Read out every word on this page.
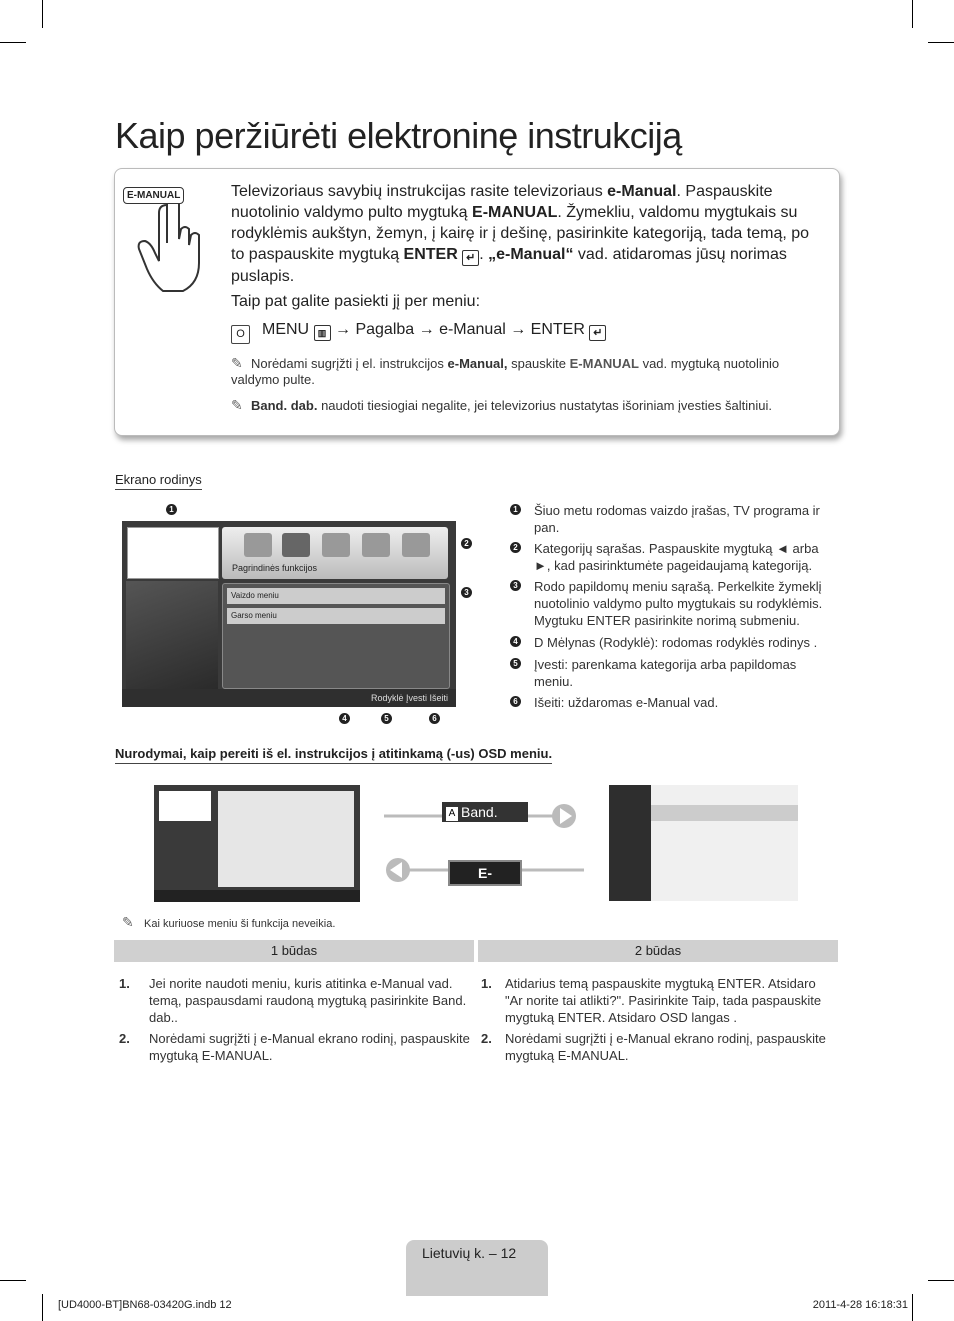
Kaip peržiūrėti elektroninę instrukciją
E-MANUAL	Televizoriaus savybių instrukcijas rasite televizoriaus e-Manual. Paspauskite nuotolinio valdymo pulto mygtuką E-MANUAL. Žymekliu, valdomu mygtukais su rodyklėmis aukštyn, žemyn, į kairę ir į dešinę, pasirinkite kategoriją, tada temą, po to paspauskite mygtuką ENTER ↵ . „e-Manual“ vad. atidaromas jūsų norimas puslapis.
Taip pat galite pasiekti jį per meniu:
O MENU ▥ → Pagalba → e-Manual → ENTER ↵
✎ Norėdami sugrįžti į el. instrukcijos e-Manual, spauskite E-MANUAL vad. mygtuką nuotolinio valdymo pulte.
✎ Band. dab. naudoti tiesiogiai negalite, jei televizorius nustatytas išoriniam įvesties šaltiniui.
Ekrano rodinys
Pagrindinės funkcijos
Vaizdo meniu
Garso meniu
Rodyklė Įvesti Išeiti
1
2
3
4	5	6
1 Šiuo metu rodomas vaizdo įrašas, TV programa ir pan.
2 Kategorijų sąrašas. Paspauskite mygtuką ◄ arba ►, kad pasirinktumėte pageidaujamą kategoriją.
3 Rodo papildomų meniu sąrašą. Perkelkite žymeklį nuotolinio valdymo pulto mygtukais su rodyklėmis. Mygtuku ENTER pasirinkite norimą submeniu.
4 D Mėlynas (Rodyklė): rodomas rodyklės rodinys .
5 Įvesti: parenkama kategorija arba papildomas meniu.
6 Išeiti: uždaromas e-Manual vad.
Nurodymai, kaip pereiti iš el. instrukcijos į atitinkamą (-us) OSD meniu.
A Band. dab.
E-MANUAL
✎ Kai kuriuose meniu ši funkcija neveikia.
1 būdas	2 būdas
1. Jei norite naudoti meniu, kuris atitinka e-Manual vad. temą, paspausdami raudoną mygtuką pasirinkite Band. dab..
2. Norėdami sugrįžti į e-Manual ekrano rodinį, paspauskite mygtuką E-MANUAL.
1. Atidarius temą paspauskite mygtuką ENTER. Atsidaro "Ar norite tai atlikti?". Pasirinkite Taip, tada paspauskite mygtuką ENTER. Atsidaro OSD langas .
2. Norėdami sugrįžti į e-Manual ekrano rodinį, paspauskite mygtuką E-MANUAL.
Lietuvių k. – 12
[UD4000-BT]BN68-03420G.indb 12	2011-4-28 16:18:31
